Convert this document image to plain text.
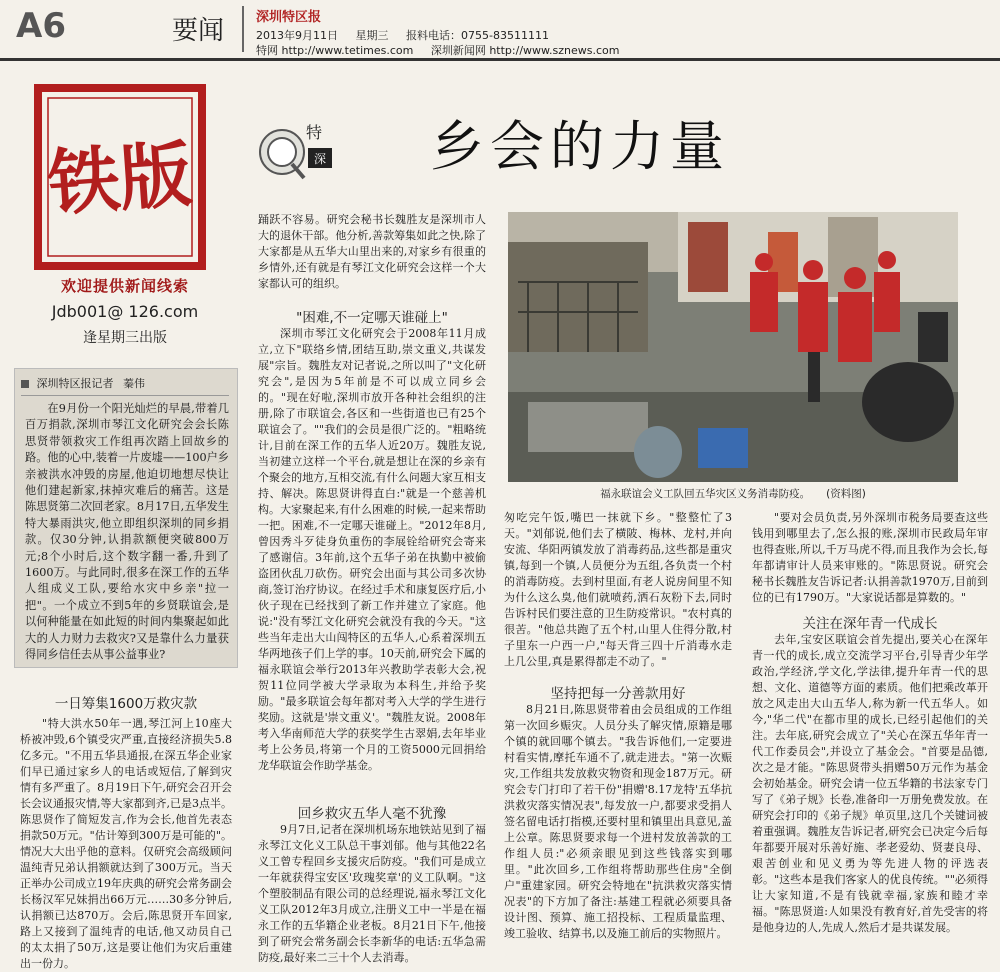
A6	要闻 深圳特区报
2013年9月11日 星期三 报料电话：0755-83511111
特网 http://www.tetimes.com 深圳新闻网 http://www.sznews.com
铁版
欢迎提供新闻线索
Jdb001@ 126.com
逢星期三出版
深圳特区报记者 蓁伟
在9月份一个阳光灿烂的早晨,带着几百万捐款,深圳市琴江文化研究会会长陈思贤带领救灾工作组再次踏上回故乡的路。他的心中,装着一片废墟——100户乡亲被洪水冲毁的房屋,他迫切地想尽快让他们建起新家,抹掉灾难后的痛苦。这是陈思贤第二次回老家。8月17日,五华发生特大暴雨洪灾,他立即组织深圳的同乡捐款。仅30分钟,认捐款额便突破800万元;8个小时后,这个数字翻一番,升到了1600万。与此同时,很多在深工作的五华人组成义工队,要给水灾中乡亲"拉一把"。一个成立不到5年的乡贤联谊会,是以何种能量在如此短的时间内集聚起如此大的人力财力去救灾?又是靠什么力量获得同乡信任去从事公益事业?
一日筹集1600万救灾款

"特大洪水50年一遇,琴江河上10座大桥被冲毁,6个镇受灾严重,直接经济损失5.8亿多元。"不用五华县通报,在深五华企业家们早已通过家乡人的电话或短信,了解到灾情有多严重了。8月19日下午,研究会召开会长会议通报灾情,等大家都到齐,已是3点半。陈思贤作了简短发言,作为会长,他首先表态捐款50万元。"估计筹到300万是可能的"。情况大大出乎他的意料。仅研究会高级顾问温纯青兄弟认捐额就达到了300万元。当天正举办公司成立19年庆典的研究会常务副会长杨汉军兄妹捐出66万元……30多分钟后,认捐额已达870万。会后,陈思贤开车回家,路上又接到了温纯青的电话,他又动员自己的太太捐了50万,这是要让他们为灾后重建出一份力。

特
深 乡会的力量

踊跃不容易。研究会秘书长魏胜友是深圳市人大的退休干部。他分析,善款筹集如此之快,除了大家都是从五华大山里出来的,对家乡有很重的乡情外,还有就是有琴江文化研究会这样一个大家都认可的组织。

"困难,不一定哪天谁碰上"

深圳市琴江文化研究会于2008年11月成立,立下"联络乡情,团结互助,崇文重义,共谋发展"宗旨。魏胜友对记者说,之所以叫了"文化研究会",是因为5年前是不可以成立同乡会的。"现在好啦,深圳市放开各种社会组织的注册,除了市联谊会,各区和一些街道也已有25个联谊会了。""我们的会员是很广泛的。"粗略统计,目前在深工作的五华人近20万。魏胜友说,当初建立这样一个平台,就是想让在深的乡亲有个聚会的地方,互相交流,有什么问题大家互相支持、解决。陈思贤讲得直白:"就是一个慈善机构。大家聚起来,有什么困难的时候,一起来帮助一把。困难,不一定哪天谁碰上。"2012年8月,曾因秀斗歹徒身负重伤的李展铨给研究会寄来了感谢信。3年前,这个五华子弟在执勤中被偷盗团伙乱刀砍伤。研究会出面与其公司多次协商,签订治疗协议。在经过手术和康复医疗后,小伙子现在已经找到了新工作并建立了家庭。他说:"没有琴江文化研究会就没有我的今天。"这些当年走出大山闯特区的五华人,心系着深圳五华两地孩子们上学的事。10天前,研究会下属的福永联谊会举行2013年兴教助学表彰大会,祝贺11位同学被大学录取为本科生,并给予奖励。"最多联谊会每年都对考入大学的学生进行奖励。这就是'崇文重义'。"魏胜友说。2008年考入华南师范大学的获奖学生古翠娟,去年毕业考上公务员,将第一个月的工资5000元回捐给龙华联谊会作助学基金。

回乡救灾五华人毫不犹豫

9月7日,记者在深圳机场东地铁站见到了福永琴江文化义工队总干事刘郁。他与其他22名义工曾专程回乡支援灾后防疫。"我们可是成立一年就获得宝安区'玫瑰奖章'的义工队啊。"这个塑胶制品有限公司的总经理说,福永琴江文化义工队2012年3月成立,注册义工中一半是在福永工作的五华籍企业老板。8月21日下午,他接到了研究会常务副会长李新华的电话:五华急需防疫,最好来二三十个人去消毒。

福永联谊会义工队回五华灾区义务消毒防疫。 (资料图)

匆吃完午饭,嘴巴一抹就下乡。"整整忙了3天。"刘郁说,他们去了横陂、梅林、龙村,并向安流、华阳两镇发放了消毒药品,这些都是重灾镇,每到一个镇,人员便分为五组,各负责一个村的消毒防疫。去到村里面,有老人说房间里不知为什么这么臭,他们就喷药,洒石灰粉下去,同时告诉村民们要注意的卫生防疫常识。"农村真的很苦。"他总共跑了五个村,山里人住得分散,村子里东一户西一户,"每天背三四十斤消毒水走上几公里,真是累得都走不动了。"

坚持把每一分善款用好

8月21日,陈思贤带着由会员组成的工作组第一次回乡赈灾。人员分头了解灾情,原籍是哪个镇的就回哪个镇去。"我告诉他们,一定要进村看实情,摩托车通不了,就走进去。"第一次赈灾,工作组共发放救灾物资和现金187万元。研究会专门打印了若干份"捐赠'8.17龙特'五华抗洪救灾落实情况表",每发放一户,都要求受捐人签名留电话打指模,还要村里和镇里出具意见,盖上公章。陈思贤要求每一个进村发放善款的工作组人员:"必须亲眼见到这些钱落实到哪里。"此次回乡,工作组将帮助那些住房"全倒户"重建家园。研究会特地在"抗洪救灾落实情况表"的下方加了备注:基建工程就必须要具备设计图、预算、施工招投标、工程质量监理、竣工验收、结算书,以及施工前后的实物照片。

"要对会员负责,另外深圳市税务局要查这些钱用到哪里去了,怎么报的账,深圳市民政局年审也得查账,所以,千万马虎不得,而且我作为会长,每年都请审计人员来审账的。"陈思贤说。研究会秘书长魏胜友告诉记者:认捐善款1970万,目前到位的已有1790万。"大家说话都是算数的。"

关注在深年青一代成长

去年,宝安区联谊会首先提出,要关心在深年青一代的成长,成立交流学习平台,引导青少年学政治,学经济,学文化,学法律,提升年青一代的思想、文化、道德等方面的素质。他们把乘改革开放之风走出大山五华人,称为新一代五华人。如今,"华二代"在都市里的成长,已经引起他们的关注。去年底,研究会成立了"关心在深五华年青一代工作委员会",并设立了基金会。"首要是品德,次之是才能。"陈思贤带头捐赠50万元作为基金会初始基金。研究会请一位五华籍的书法家专门写了《弟子规》长卷,准备印一万册免费发放。在研究会打印的《弟子规》单页里,这几个关键词被着重强调。魏胜友告诉记者,研究会已决定今后每年都要开展对乐善好施、孝老爱幼、贤妻良母、艰苦创业和见义勇为等先进人物的评选表彰。"这些本是我们客家人的优良传统。""必须得让大家知道,不是有钱就幸福,家族和睦才幸福。"陈思贤道:人如果没有教育好,首先受害的将是他身边的人,先成人,然后才是共谋发展。
